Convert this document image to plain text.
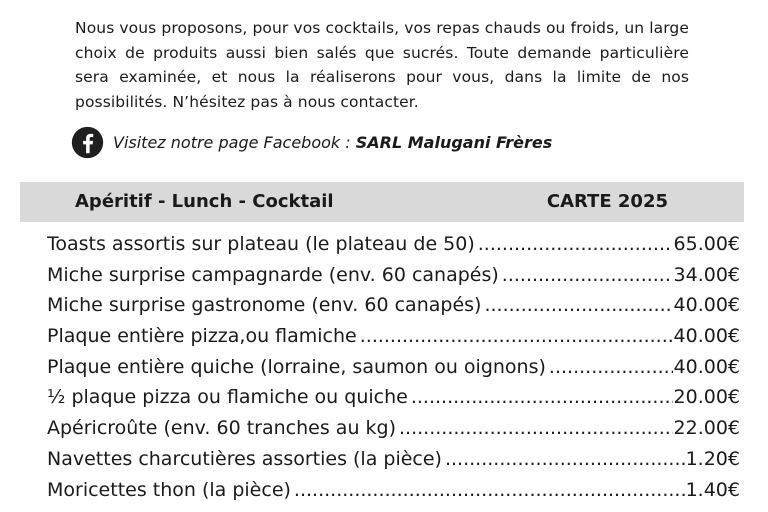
Nous vous proposons, pour vos cocktails, vos repas chauds ou froids, un large choix de produits aussi bien salés que sucrés. Toute demande particulière sera examinée, et nous la réaliserons pour vous, dans la limite de nos possibilités. N’hésitez pas à nous contacter.

Visitez notre page Facebook : SARL Malugani Frères
Apéritif - Lunch - Cocktail	CARTE 2025
Toasts assortis sur plateau (le plateau de 50) .....	65.00€
Miche surprise campagnarde (env. 60 canapés) .....	34.00€
Miche surprise gastronome (env. 60 canapés) .....	40.00€
Plaque entière pizza,ou flamiche .....	40.00€
Plaque entière quiche (lorraine, saumon ou oignons) .....	40.00€
½ plaque pizza ou flamiche ou quiche .....	20.00€
Apéricroûte (env. 60 tranches au kg) .....	22.00€
Navettes charcutières assorties (la pièce) .....	1.20€
Moricettes thon (la pièce) .....	1.40€
